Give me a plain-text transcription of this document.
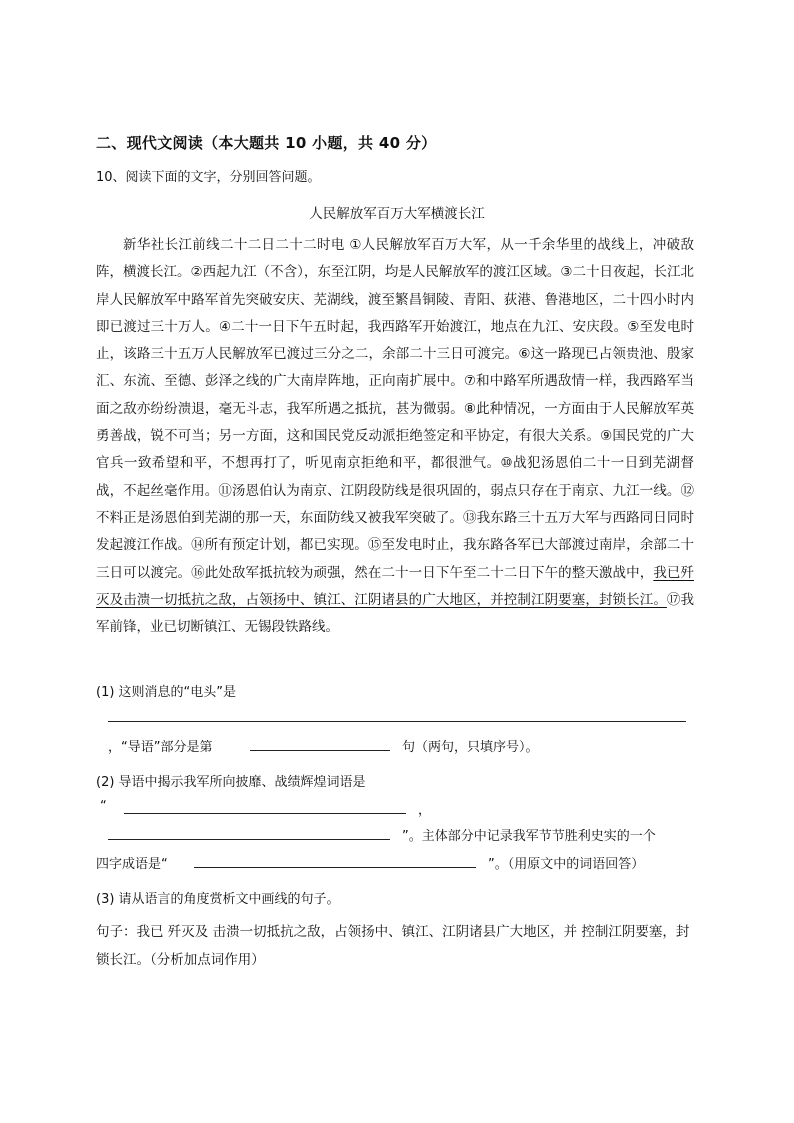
二、现代文阅读（本大题共 10 小题，共 40 分）
10、阅读下面的文字，分别回答问题。
人民解放军百万大军横渡长江
新华社长江前线二十二日二十二时电 ①人民解放军百万大军，从一千余华里的战线上，冲破敌阵，横渡长江。②西起九江（不含），东至江阴，均是人民解放军的渡江区域。③二十日夜起，长江北岸人民解放军中路军首先突破安庆、芜湖线，渡至繁昌铜陵、青阳、荻港、鲁港地区，二十四小时内即已渡过三十万人。④二十一日下午五时起，我西路军开始渡江，地点在九江、安庆段。⑤至发电时止，该路三十五万人民解放军已渡过三分之二，余部二十三日可渡完。⑥这一路现已占领贵池、殷家汇、东流、至德、彭泽之线的广大南岸阵地，正向南扩展中。⑦和中路军所遇敌情一样，我西路军当面之敌亦纷纷溃退，毫无斗志，我军所遇之抵抗，甚为微弱。⑧此种情况，一方面由于人民解放军英勇善战，锐不可当；另一方面，这和国民党反动派拒绝签定和平协定，有很大关系。⑨国民党的广大官兵一致希望和平，不想再打了，听见南京拒绝和平，都很泄气。⑩战犯汤恩伯二十一日到芜湖督战，不起丝毫作用。⑪汤恩伯认为南京、江阴段防线是很巩固的，弱点只存在于南京、九江一线。⑫不料正是汤恩伯到芜湖的那一天，东面防线又被我军突破了。⑬我东路三十五万大军与西路同日同时发起渡江作战。⑭所有预定计划，都已实现。⑮至发电时止，我东路各军已大部渡过南岸，余部二十三日可以渡完。⑯此处敌军抵抗较为顽强，然在二十一日下午至二十二日下午的整天激战中，我已歼灭及击溃一切抵抗之敌，占领扬中、镇江、江阴诸县的广大地区，并控制江阴要塞，封锁长江。⑰我军前锋，业已切断镇江、无锡段铁路线。
(1) 这则消息的“电头”是
，“导语”部分是第	句（两句，只填序号）。
(2) 导语中揭示我军所向披靡、战绩辉煌词语是
“	，
”。主体部分中记录我军节节胜利史实的一个
四字成语是“	”。（用原文中的词语回答）
(3) 请从语言的角度赏析文中画线的句子。
句子：我已 歼灭及 击溃一切抵抗之敌，占领扬中、镇江、江阴诸县广大地区，并 控制江阴要塞，封锁长江。（分析加点词作用）
